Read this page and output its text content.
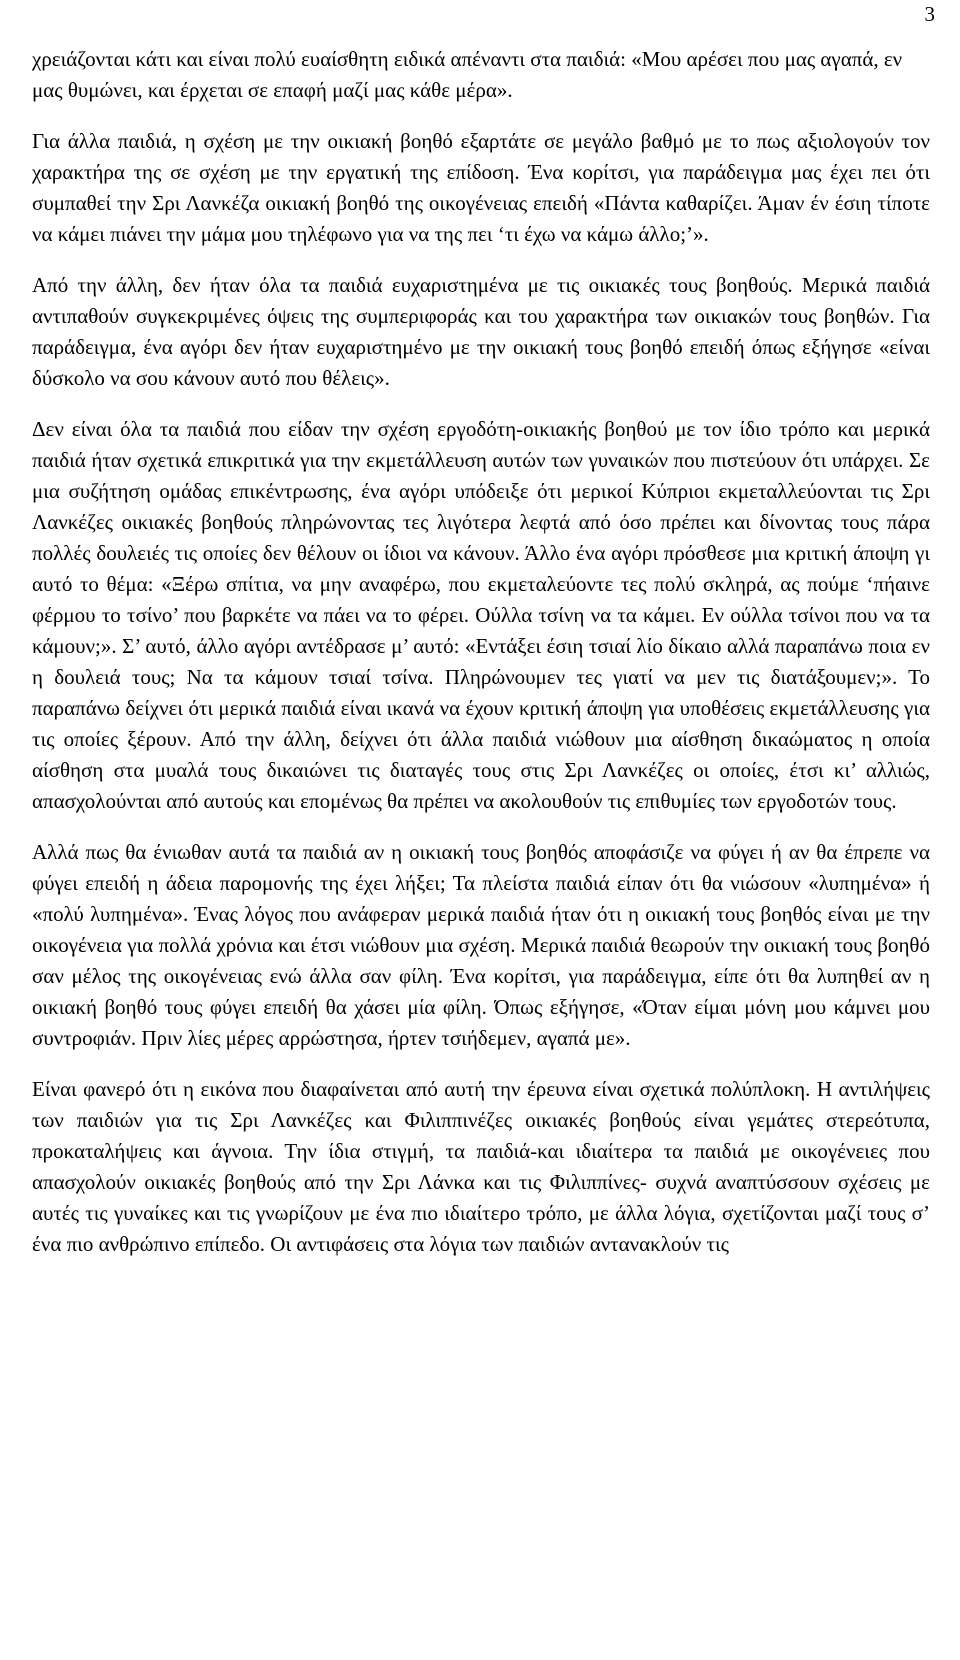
3

χρειάζονται κάτι και είναι πολύ ευαίσθητη ειδικά απέναντι στα παιδιά: «Μου αρέσει που μας αγαπά, εν μας θυμώνει, και έρχεται σε επαφή μαζί μας κάθε μέρα».

Για άλλα παιδιά, η σχέση με την οικιακή βοηθό εξαρτάτε σε μεγάλο βαθμό με το πως αξιολογούν τον χαρακτήρα της σε σχέση με την εργατική της επίδοση. Ένα κορίτσι, για παράδειγμα μας έχει πει ότι συμπαθεί την Σρι Λανκέζα οικιακή βοηθό της οικογένειας επειδή «Πάντα καθαρίζει. Άμαν έν έσιη τίποτε να κάμει πιάνει την μάμα μου τηλέφωνο για να της πει ‘τι έχω να κάμω άλλο;’».

Από την άλλη, δεν ήταν όλα τα παιδιά ευχαριστημένα με τις οικιακές τους βοηθούς. Μερικά παιδιά αντιπαθούν συγκεκριμένες όψεις της συμπεριφοράς και του χαρακτήρα των οικιακών τους βοηθών. Για παράδειγμα, ένα αγόρι δεν ήταν ευχαριστημένο με την οικιακή τους βοηθό επειδή όπως εξήγησε «είναι δύσκολο να σου κάνουν αυτό που θέλεις».

Δεν είναι όλα τα παιδιά που είδαν την σχέση εργοδότη-οικιακής βοηθού με τον ίδιο τρόπο και μερικά παιδιά ήταν σχετικά επικριτικά για την εκμετάλλευση αυτών των γυναικών που πιστεύουν ότι υπάρχει. Σε μια συζήτηση ομάδας επικέντρωσης, ένα αγόρι υπόδειξε ότι μερικοί Κύπριοι εκμεταλλεύονται τις Σρι Λανκέζες οικιακές βοηθούς πληρώνοντας τες λιγότερα λεφτά από όσο πρέπει και δίνοντας τους πάρα πολλές δουλειές τις οποίες δεν θέλουν οι ίδιοι να κάνουν. Άλλο ένα αγόρι πρόσθεσε μια κριτική άποψη γι αυτό το θέμα: «Ξέρω σπίτια, να μην αναφέρω, που εκμεταλεύοντε τες πολύ σκληρά, ας πούμε ‘πήαινε φέρμου το τσίνο’ που βαρκέτε να πάει να το φέρει. Ούλλα τσίνη να τα κάμει. Εν ούλλα τσίνοι που να τα κάμουν;». Σ’ αυτό, άλλο αγόρι αντέδρασε μ’ αυτό: «Εντάξει έσιη τσιαί λίο δίκαιο αλλά παραπάνω ποια εν η δουλειά τους; Να τα κάμουν τσιαί τσίνα. Πληρώνουμεν τες γιατί να μεν τις διατάξουμεν;». Το παραπάνω δείχνει ότι μερικά παιδιά είναι ικανά να έχουν κριτική άποψη για υποθέσεις εκμετάλλευσης για τις οποίες ξέρουν. Από την άλλη, δείχνει ότι άλλα παιδιά νιώθουν μια αίσθηση δικαώματος η οποία αίσθηση στα μυαλά τους δικαιώνει τις διαταγές τους στις Σρι Λανκέζες οι οποίες, έτσι κι’ αλλιώς, απασχολούνται από αυτούς και επομένως θα πρέπει να ακολουθούν τις επιθυμίες των εργοδοτών τους.

Αλλά πως θα ένιωθαν αυτά τα παιδιά αν η οικιακή τους βοηθός αποφάσιζε να φύγει ή αν θα έπρεπε να φύγει επειδή η άδεια παρομονής της έχει λήξει; Τα πλείστα παιδιά είπαν ότι θα νιώσουν «λυπημένα» ή «πολύ λυπημένα». Ένας λόγος που ανάφεραν μερικά παιδιά ήταν ότι η οικιακή τους βοηθός είναι με την οικογένεια για πολλά χρόνια και έτσι νιώθουν μια σχέση. Μερικά παιδιά θεωρούν την οικιακή τους βοηθό σαν μέλος της οικογένειας ενώ άλλα σαν φίλη. Ένα κορίτσι, για παράδειγμα, είπε ότι θα λυπηθεί αν η οικιακή βοηθό τους φύγει επειδή θα χάσει μία φίλη. Όπως εξήγησε, «Όταν είμαι μόνη μου κάμνει μου συντροφιάν. Πριν λίες μέρες αρρώστησα, ήρτεν τσιήδεμεν, αγαπά με».

Είναι φανερό ότι η εικόνα που διαφαίνεται από αυτή την έρευνα είναι σχετικά πολύπλοκη. Η αντιλήψεις των παιδιών για τις Σρι Λανκέζες και Φιλιππινέζες οικιακές βοηθούς είναι γεμάτες στερεότυπα, προκαταλήψεις και άγνοια. Την ίδια στιγμή, τα παιδιά-και ιδιαίτερα τα παιδιά με οικογένειες που απασχολούν οικιακές βοηθούς από την Σρι Λάνκα και τις Φιλιππίνες- συχνά αναπτύσσουν σχέσεις με αυτές τις γυναίκες και τις γνωρίζουν με ένα πιο ιδιαίτερο τρόπο, με άλλα λόγια, σχετίζονται μαζί τους σ’ ένα πιο ανθρώπινο επίπεδο. Οι αντιφάσεις στα λόγια των παιδιών αντανακλούν τις
